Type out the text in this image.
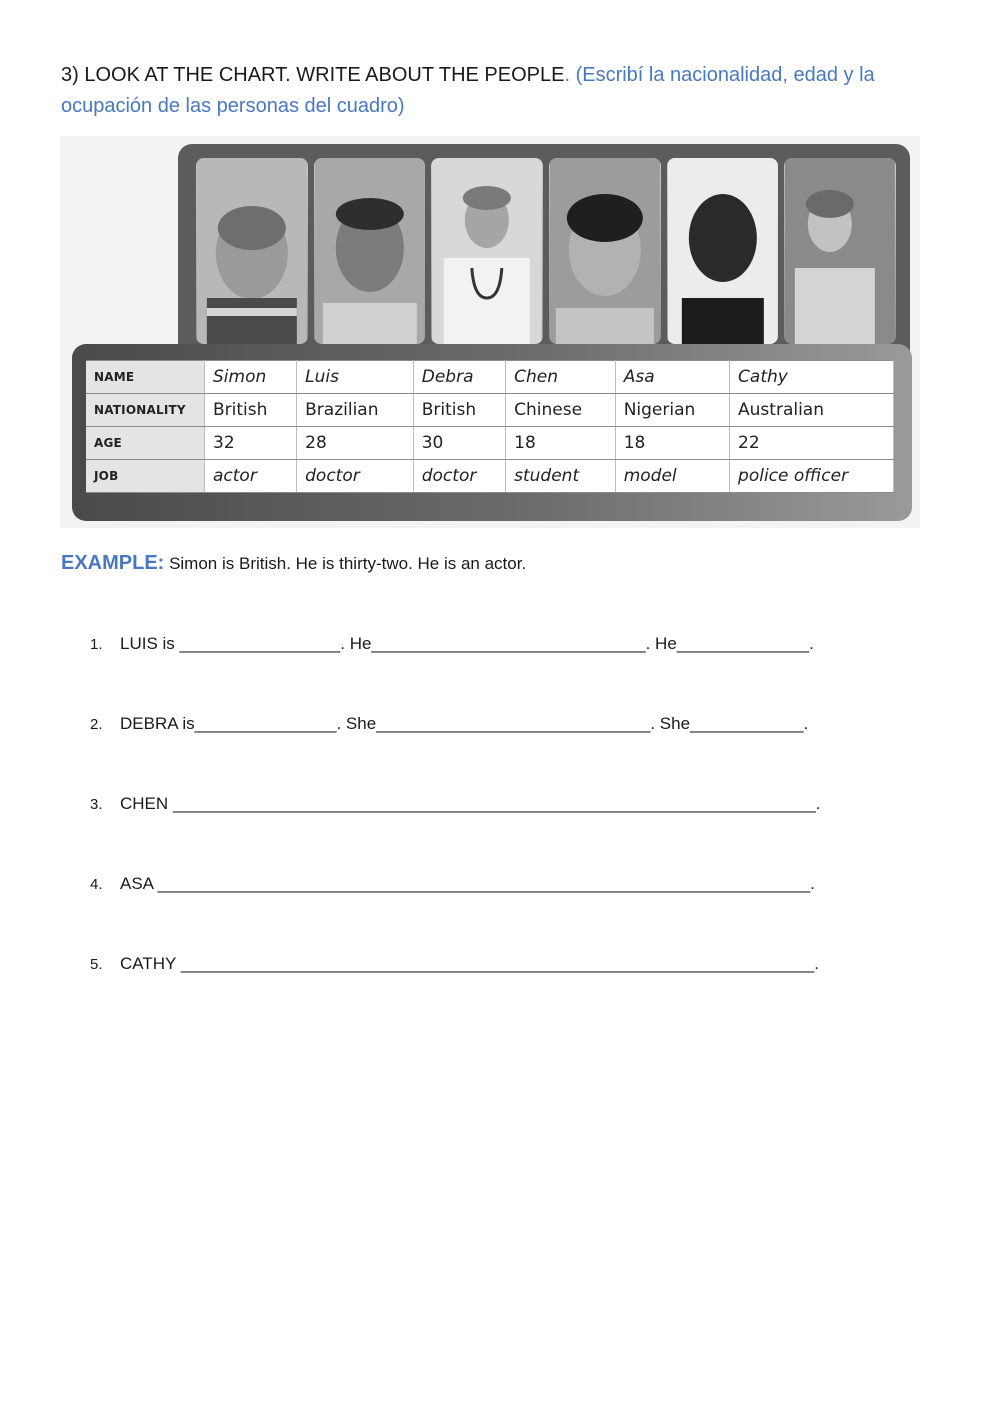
3) LOOK AT THE CHART. WRITE ABOUT THE PEOPLE. (Escribí la nacionalidad, edad y la ocupación de las personas del cuadro)
NAME	Simon	Luis	Debra	Chen	Asa	Cathy
NATIONALITY	British	Brazilian	British	Chinese	Nigerian	Australian
AGE	32	28	30	18	18	22
JOB	actor	doctor	doctor	student	model	police officer
EXAMPLE: Simon is British. He is thirty-two. He is an actor.
1. LUIS is _________________. He_____________________________. He______________.
2. DEBRA is_______________. She_____________________________. She____________.
3. CHEN ____________________________________________________________________.
4. ASA _____________________________________________________________________.
5. CATHY ___________________________________________________________________.
